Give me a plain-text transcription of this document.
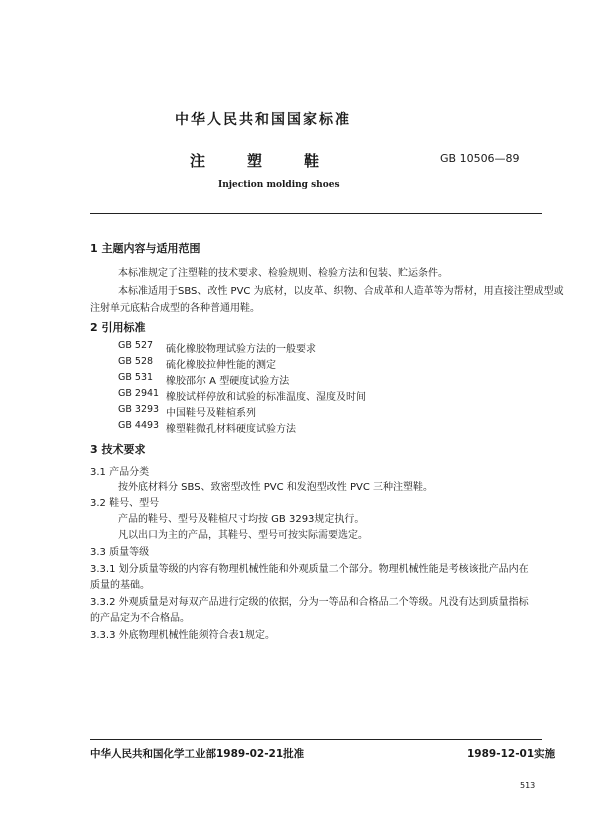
中华人民共和国国家标准
注塑鞋	GB 10506—89
Injection molding shoes
1 主题内容与适用范围
本标准规定了注塑鞋的技术要求、检验规则、检验方法和包装、贮运条件。
本标准适用于SBS、改性 PVC 为底材，以皮革、织物、合成革和人造革等为帮材，用直接注塑成型或
注射单元底粘合成型的各种普通用鞋。
2 引用标准
GB 527 硫化橡胶物理试验方法的一般要求
GB 528 硫化橡胶拉伸性能的测定
GB 531 橡胶邵尔 A 型硬度试验方法
GB 2941 橡胶试样停放和试验的标准温度、湿度及时间
GB 3293 中国鞋号及鞋楦系列
GB 4493 橡塑鞋微孔材料硬度试验方法
3 技术要求
3.1 产品分类
按外底材料分 SBS、致密型改性 PVC 和发泡型改性 PVC 三种注塑鞋。
3.2 鞋号、型号
产品的鞋号、型号及鞋楦尺寸均按 GB 3293规定执行。
凡以出口为主的产品，其鞋号、型号可按实际需要选定。
3.3 质量等级
3.3.1 划分质量等级的内容有物理机械性能和外观质量二个部分。物理机械性能是考核该批产品内在
质量的基础。
3.3.2 外观质量是对每双产品进行定级的依据，分为一等品和合格品二个等级。凡没有达到质量指标
的产品定为不合格品。
3.3.3 外底物理机械性能须符合表1规定。
中华人民共和国化学工业部1989-02-21批准	1989-12-01实施
513
